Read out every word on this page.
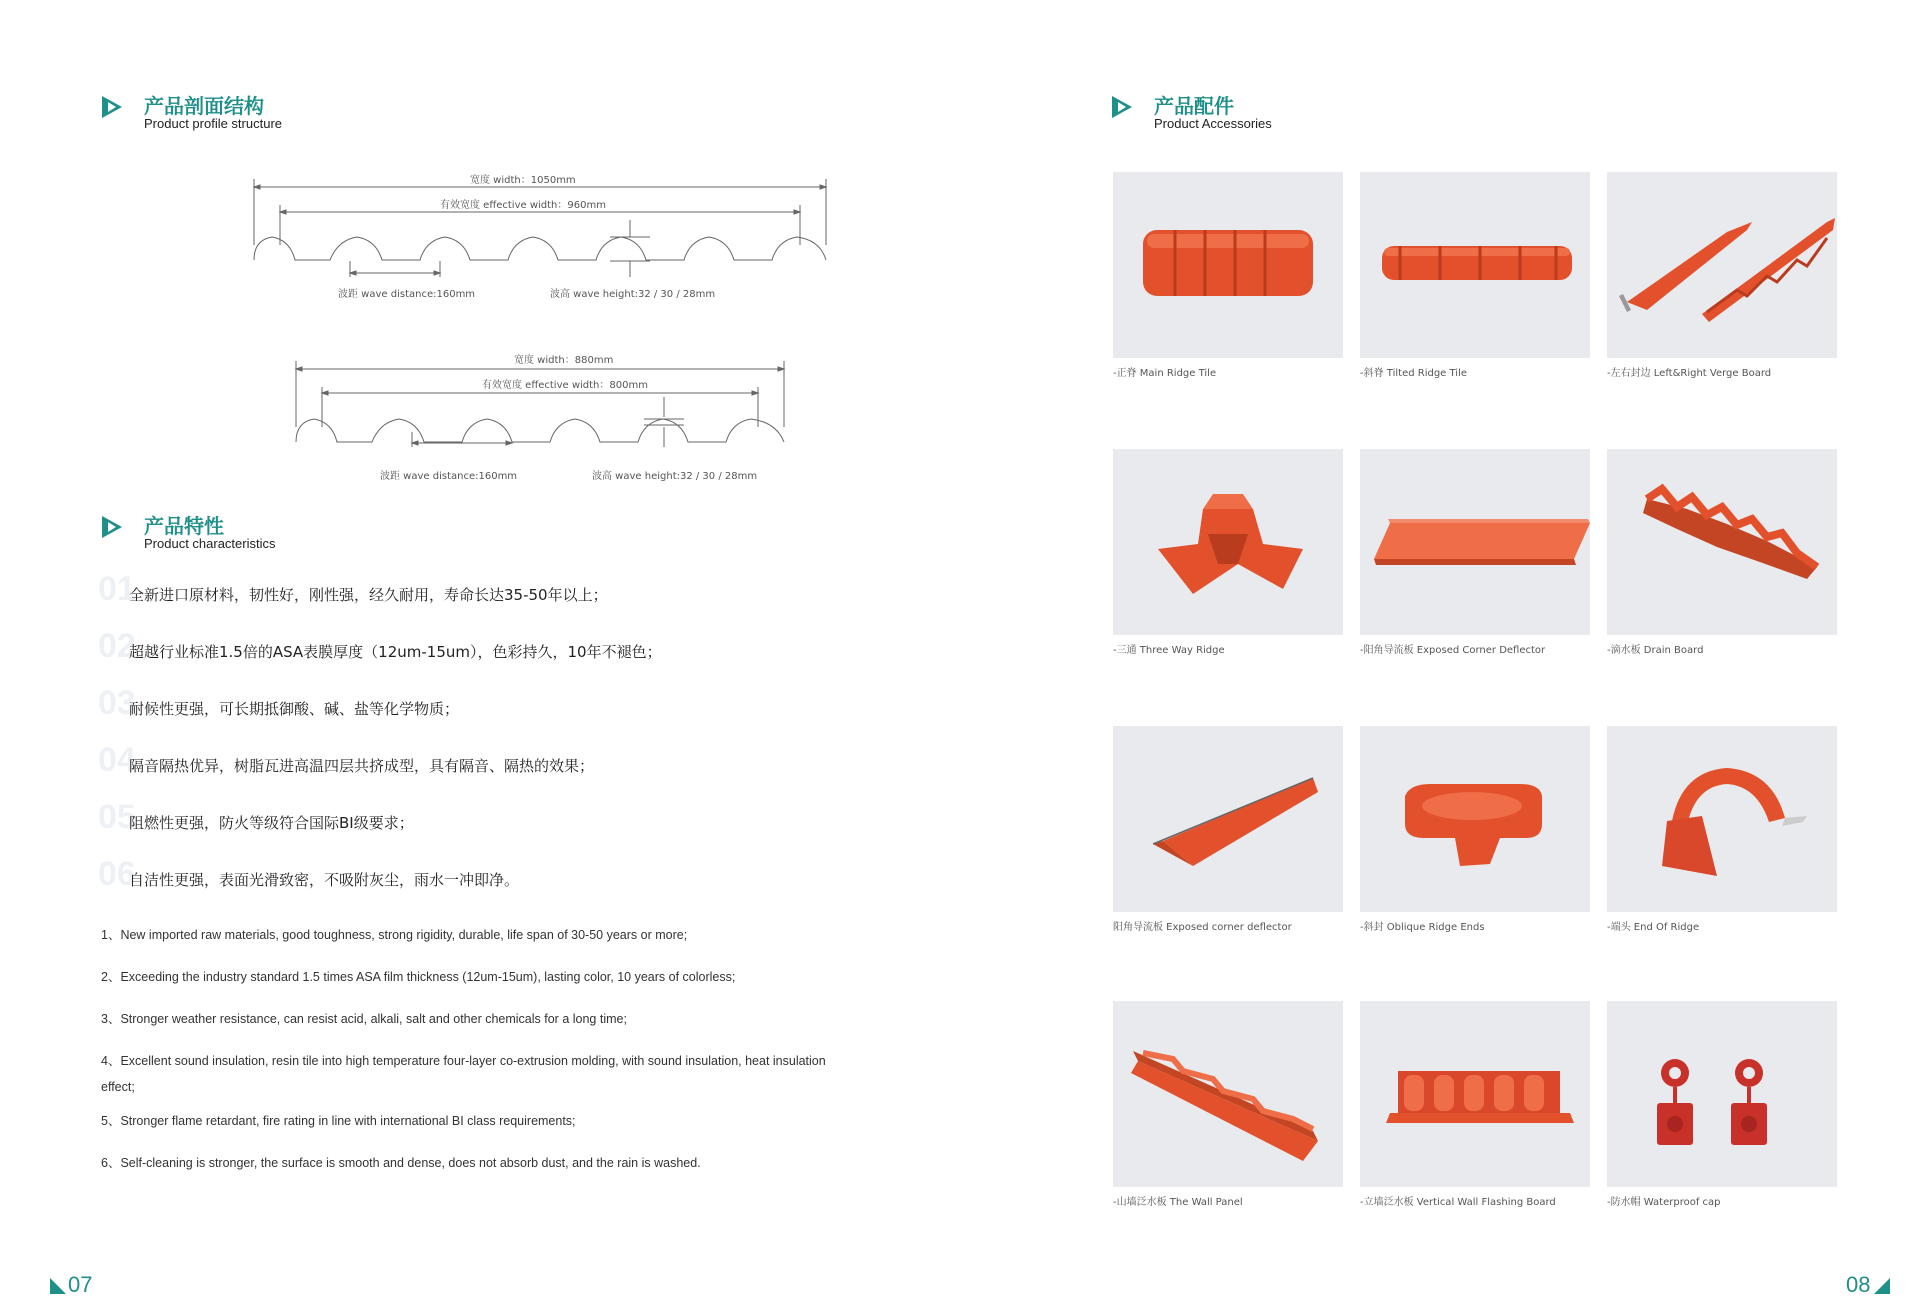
产品剖面结构
Product profile structure
宽度 width：1050mm
有效宽度 effective width：960mm
波距 wave distance:160mm	波高 wave height:32 / 30 / 28mm
宽度 width：880mm
有效宽度 effective width：800mm
波距 wave distance:160mm	波高 wave height:32 / 30 / 28mm
产品特性
Product characteristics
01
全新进口原材料，韧性好，刚性强，经久耐用，寿命长达35-50年以上；
02
超越行业标准1.5倍的ASA表膜厚度（12um-15um），色彩持久，10年不褪色；
03
耐候性更强，可长期抵御酸、碱、盐等化学物质；
04
隔音隔热优异，树脂瓦进高温四层共挤成型，具有隔音、隔热的效果；
05
阻燃性更强，防火等级符合国际BI级要求；
06
自洁性更强，表面光滑致密，不吸附灰尘，雨水一冲即净。

1、New imported raw materials, good toughness, strong rigidity, durable, life span of 30-50 years or more;

2、Exceeding the industry standard 1.5 times ASA film thickness (12um-15um), lasting color, 10 years of colorless;

3、Stronger weather resistance, can resist acid, alkali, salt and other chemicals for a long time;

4、Excellent sound insulation, resin tile into high temperature four-layer co-extrusion molding, with sound insulation, heat insulation effect;

5、Stronger flame retardant, fire rating in line with international BI class requirements;

6、Self-cleaning is stronger, the surface is smooth and dense, does not absorb dust, and the rain is washed.

07
产品配件
Product Accessories
-正脊 Main Ridge Tile	-斜脊 Tilted Ridge Tile	-左右封边 Left&Right Verge Board
-三通 Three Way Ridge	-阳角导流板 Exposed Corner Deflector	-滴水板 Drain Board
阳角导流板 Exposed corner deflector	-斜封 Oblique Ridge Ends	-端头 End Of Ridge
-山墙泛水板 The Wall Panel	-立墙泛水板 Vertical Wall Flashing Board	-防水帽 Waterproof cap
08
